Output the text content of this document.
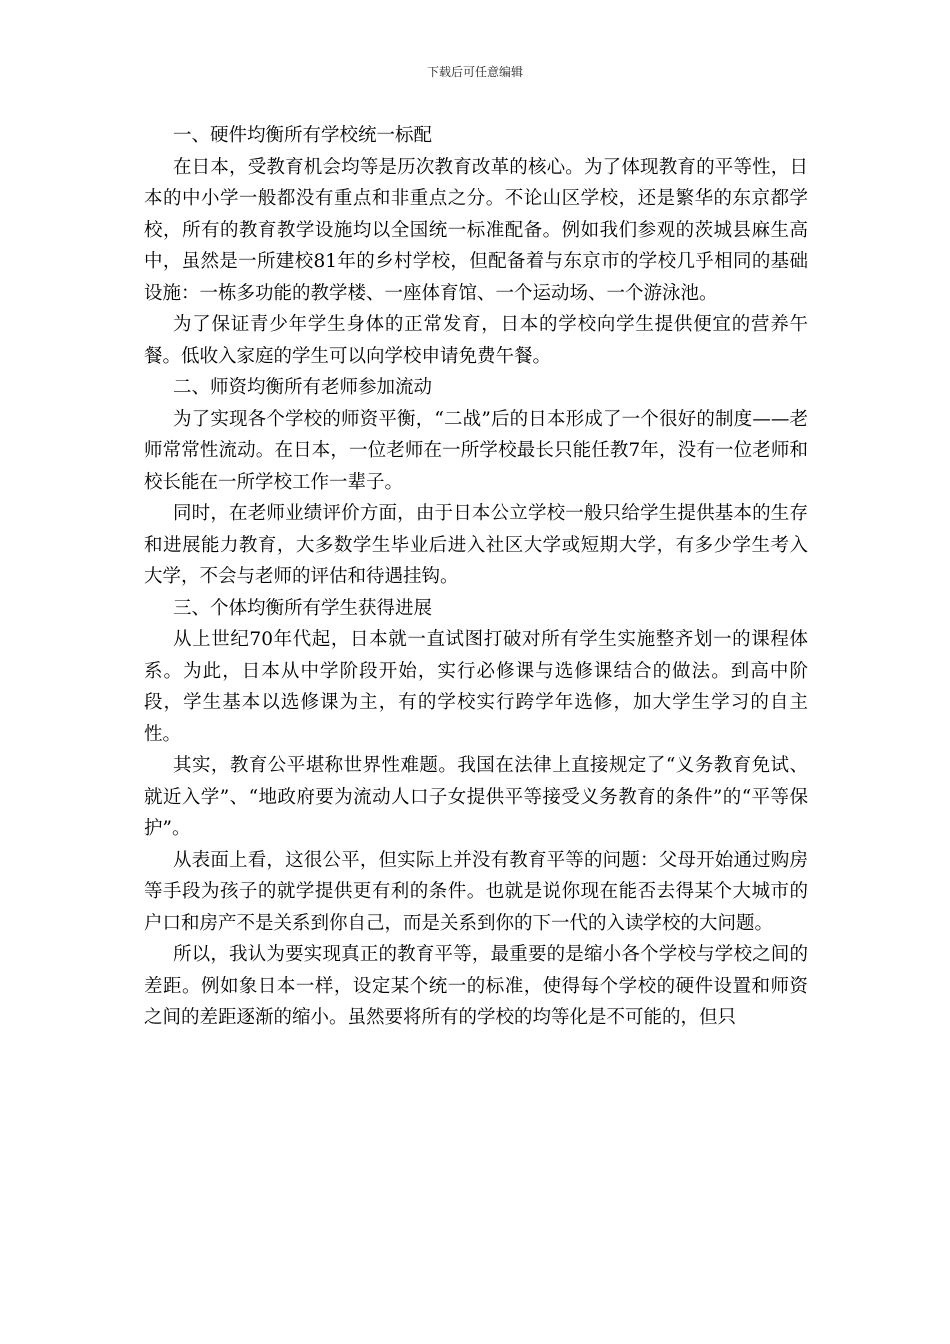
下载后可任意编辑

一、硬件均衡所有学校统一标配

在日本，受教育机会均等是历次教育改革的核心。为了体现教育的平等性，日本的中小学一般都没有重点和非重点之分。不论山区学校，还是繁华的东京都学校，所有的教育教学设施均以全国统一标准配备。例如我们参观的茨城县麻生高中，虽然是一所建校81年的乡村学校，但配备着与东京市的学校几乎相同的基础设施：一栋多功能的教学楼、一座体育馆、一个运动场、一个游泳池。

为了保证青少年学生身体的正常发育，日本的学校向学生提供便宜的营养午餐。低收入家庭的学生可以向学校申请免费午餐。

二、师资均衡所有老师参加流动

为了实现各个学校的师资平衡，“二战”后的日本形成了一个很好的制度——老师常常性流动。在日本，一位老师在一所学校最长只能任教7年，没有一位老师和校长能在一所学校工作一辈子。

同时，在老师业绩评价方面，由于日本公立学校一般只给学生提供基本的生存和进展能力教育，大多数学生毕业后进入社区大学或短期大学，有多少学生考入大学，不会与老师的评估和待遇挂钩。

三、个体均衡所有学生获得进展

从上世纪70年代起，日本就一直试图打破对所有学生实施整齐划一的课程体系。为此，日本从中学阶段开始，实行必修课与选修课结合的做法。到高中阶段，学生基本以选修课为主，有的学校实行跨学年选修，加大学生学习的自主性。

其实，教育公平堪称世界性难题。我国在法律上直接规定了“义务教育免试、就近入学”、“地政府要为流动人口子女提供平等接受义务教育的条件”的“平等保护”。

从表面上看，这很公平，但实际上并没有教育平等的问题：父母开始通过购房等手段为孩子的就学提供更有利的条件。也就是说你现在能否去得某个大城市的户口和房产不是关系到你自己，而是关系到你的下一代的入读学校的大问题。

所以，我认为要实现真正的教育平等，最重要的是缩小各个学校与学校之间的差距。例如象日本一样，设定某个统一的标准，使得每个学校的硬件设置和师资之间的差距逐渐的缩小。虽然要将所有的学校的均等化是不可能的，但只
